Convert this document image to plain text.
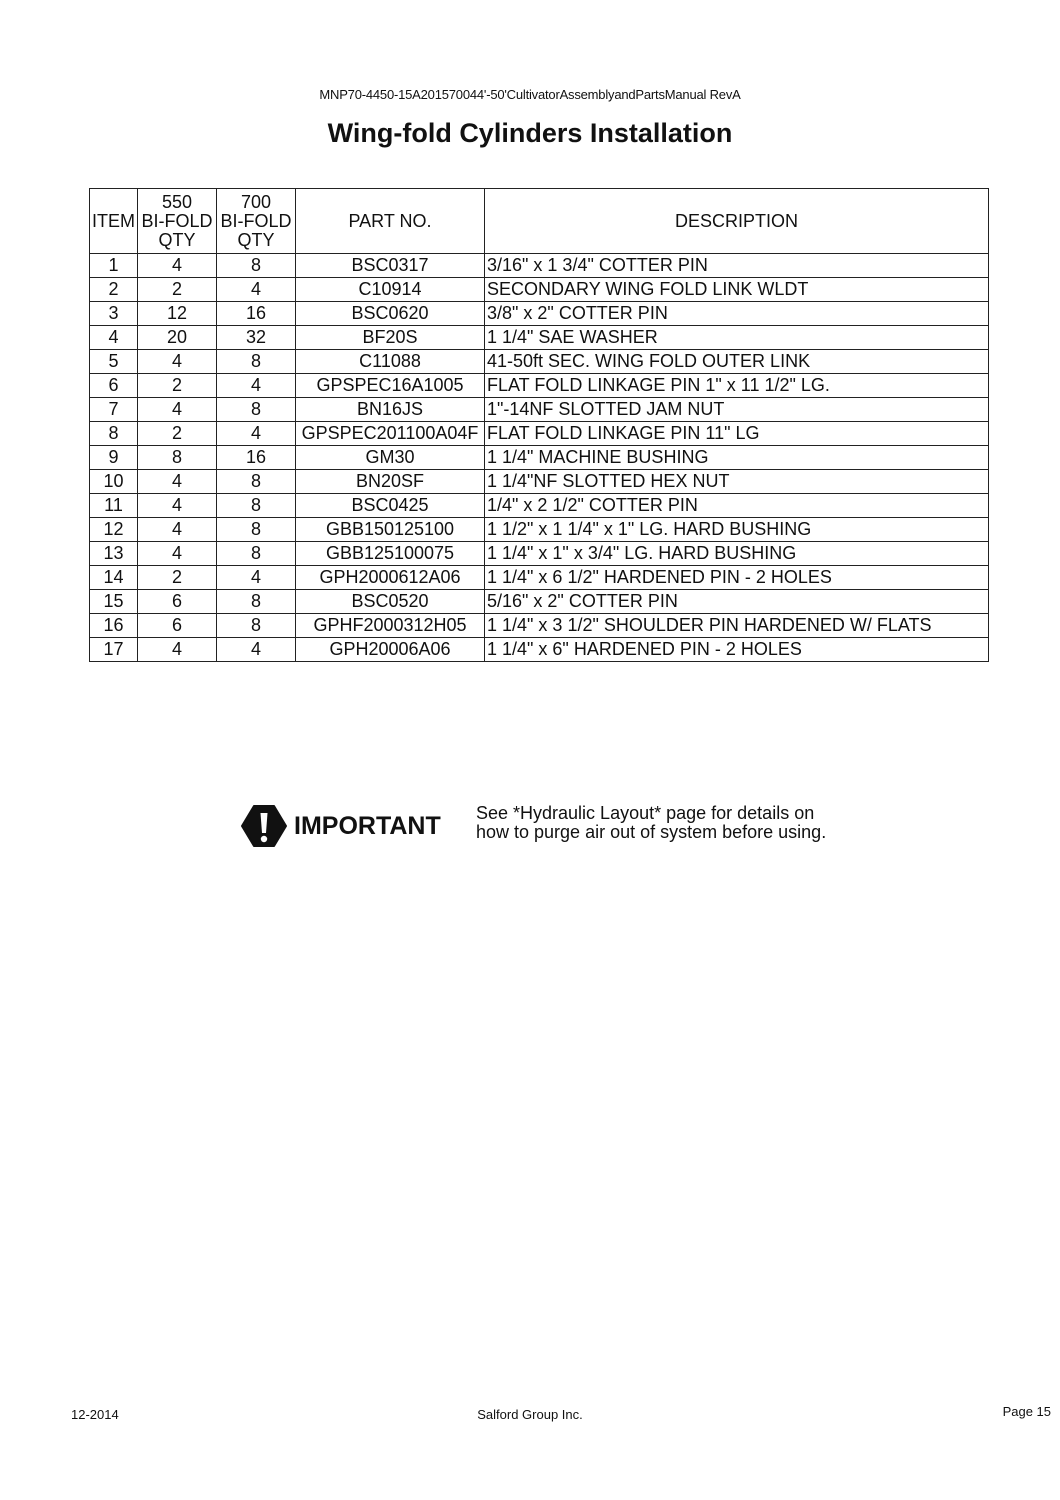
MNP70-4450-15A201570044'-50'CultivatorAssemblyandPartsManual RevA
Wing-fold Cylinders Installation
ITEM	550
BI-FOLD
QTY	700
BI-FOLD
QTY	PART NO.	DESCRIPTION
1	4	8	BSC0317	3/16" x 1 3/4" COTTER PIN
2	2	4	C10914	SECONDARY WING FOLD LINK WLDT
3	12	16	BSC0620	3/8" x 2" COTTER PIN
4	20	32	BF20S	1 1/4" SAE WASHER
5	4	8	C11088	41-50ft SEC. WING FOLD OUTER LINK
6	2	4	GPSPEC16A1005	FLAT FOLD LINKAGE PIN 1" x 11 1/2" LG.
7	4	8	BN16JS	1"-14NF SLOTTED JAM NUT
8	2	4	GPSPEC201100A04F	FLAT FOLD LINKAGE PIN 11" LG
9	8	16	GM30	1 1/4" MACHINE BUSHING
10	4	8	BN20SF	1 1/4"NF SLOTTED HEX NUT
11	4	8	BSC0425	1/4" x 2 1/2" COTTER PIN
12	4	8	GBB150125100	1 1/2" x 1 1/4" x 1" LG. HARD BUSHING
13	4	8	GBB125100075	1 1/4" x 1" x 3/4" LG. HARD BUSHING
14	2	4	GPH2000612A06	1 1/4" x 6 1/2" HARDENED PIN - 2 HOLES
15	6	8	BSC0520	5/16" x 2" COTTER PIN
16	6	8	GPHF2000312H05	1 1/4" x 3 1/2" SHOULDER PIN HARDENED W/ FLATS
17	4	4	GPH20006A06	1 1/4" x 6" HARDENED PIN - 2 HOLES
IMPORTANT See *Hydraulic Layout* page for details on
how to purge air out of system before using.
12-2014	Salford Group Inc.	Page 15
